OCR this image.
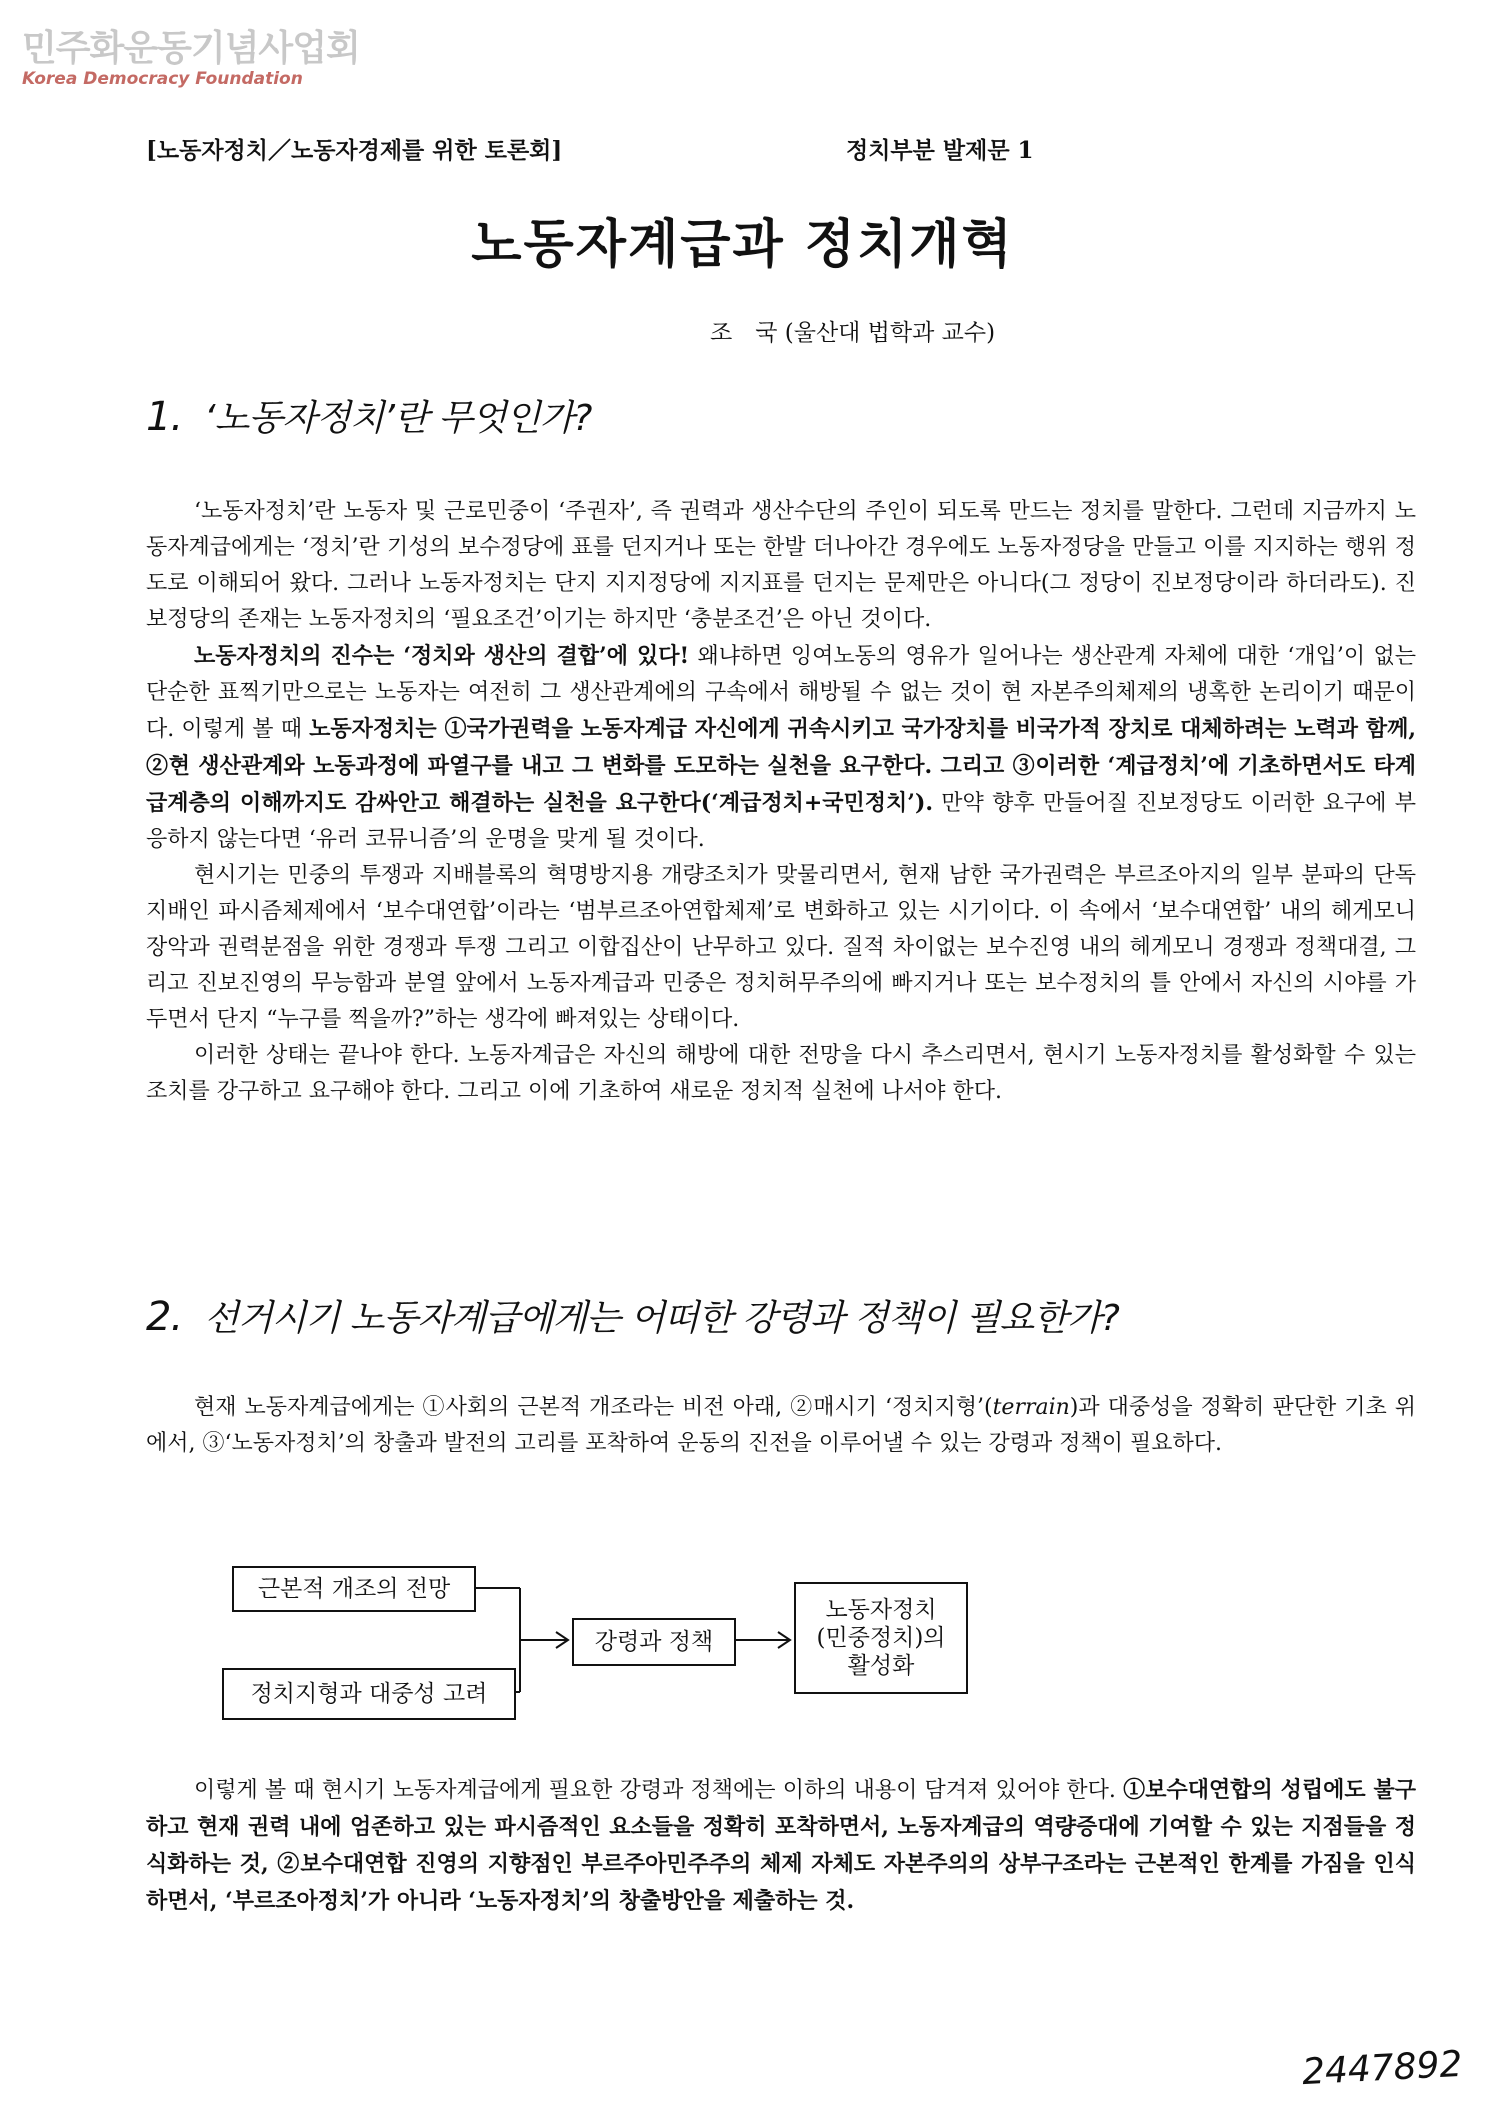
민주화운동기념사업회
Korea Democracy Foundation
[노동자정치／노동자경제를 위한 토론회]	정치부분 발제문 1
노동자계급과 정치개혁
조　국 (울산대 법학과 교수)
1. ‘노동자정치’란 무엇인가?

‘노동자정치’란 노동자 및 근로민중이 ‘주권자’, 즉 권력과 생산수단의 주인이 되도록 만드는 정치를 말한다. 그런데 지금까지 노동자계급에게는 ‘정치’란 기성의 보수정당에 표를 던지거나 또는 한발 더나아간 경우에도 노동자정당을 만들고 이를 지지하는 행위 정도로 이해되어 왔다. 그러나 노동자정치는 단지 지지정당에 지지표를 던지는 문제만은 아니다(그 정당이 진보정당이라 하더라도). 진보정당의 존재는 노동자정치의 ‘필요조건’이기는 하지만 ‘충분조건’은 아닌 것이다.

노동자정치의 진수는 ‘정치와 생산의 결합’에 있다! 왜냐하면 잉여노동의 영유가 일어나는 생산관계 자체에 대한 ‘개입’이 없는 단순한 표찍기만으로는 노동자는 여전히 그 생산관계에의 구속에서 해방될 수 없는 것이 현 자본주의체제의 냉혹한 논리이기 때문이다. 이렇게 볼 때 노동자정치는 ①국가권력을 노동자계급 자신에게 귀속시키고 국가장치를 비국가적 장치로 대체하려는 노력과 함께, ②현 생산관계와 노동과정에 파열구를 내고 그 변화를 도모하는 실천을 요구한다. 그리고 ③이러한 ‘계급정치’에 기초하면서도 타계급계층의 이해까지도 감싸안고 해결하는 실천을 요구한다(‘계급정치+국민정치’). 만약 향후 만들어질 진보정당도 이러한 요구에 부응하지 않는다면 ‘유러 코뮤니즘’의 운명을 맞게 될 것이다.

현시기는 민중의 투쟁과 지배블록의 혁명방지용 개량조치가 맞물리면서, 현재 남한 국가권력은 부르조아지의 일부 분파의 단독 지배인 파시즘체제에서 ‘보수대연합’이라는 ‘범부르조아연합체제’로 변화하고 있는 시기이다. 이 속에서 ‘보수대연합’ 내의 헤게모니 장악과 권력분점을 위한 경쟁과 투쟁 그리고 이합집산이 난무하고 있다. 질적 차이없는 보수진영 내의 헤게모니 경쟁과 정책대결, 그리고 진보진영의 무능함과 분열 앞에서 노동자계급과 민중은 정치허무주의에 빠지거나 또는 보수정치의 틀 안에서 자신의 시야를 가두면서 단지 “누구를 찍을까?”하는 생각에 빠져있는 상태이다.

이러한 상태는 끝나야 한다. 노동자계급은 자신의 해방에 대한 전망을 다시 추스리면서, 현시기 노동자정치를 활성화할 수 있는 조치를 강구하고 요구해야 한다. 그리고 이에 기초하여 새로운 정치적 실천에 나서야 한다.

2. 선거시기 노동자계급에게는 어떠한 강령과 정책이 필요한가?

현재 노동자계급에게는 ①사회의 근본적 개조라는 비전 아래, ②매시기 ‘정치지형’(terrain)과 대중성을 정확히 판단한 기초 위에서, ③‘노동자정치’의 창출과 발전의 고리를 포착하여 운동의 진전을 이루어낼 수 있는 강령과 정책이 필요하다.

근본적 개조의 전망
정치지형과 대중성 고려
강령과 정책
노동자정치
(민중정치)의
활성화

이렇게 볼 때 현시기 노동자계급에게 필요한 강령과 정책에는 이하의 내용이 담겨져 있어야 한다. ①보수대연합의 성립에도 불구하고 현재 권력 내에 엄존하고 있는 파시즘적인 요소들을 정확히 포착하면서, 노동자계급의 역량증대에 기여할 수 있는 지점들을 정식화하는 것, ②보수대연합 진영의 지향점인 부르주아민주주의 체제 자체도 자본주의의 상부구조라는 근본적인 한계를 가짐을 인식하면서, ‘부르조아정치’가 아니라 ‘노동자정치’의 창출방안을 제출하는 것.

2447892
